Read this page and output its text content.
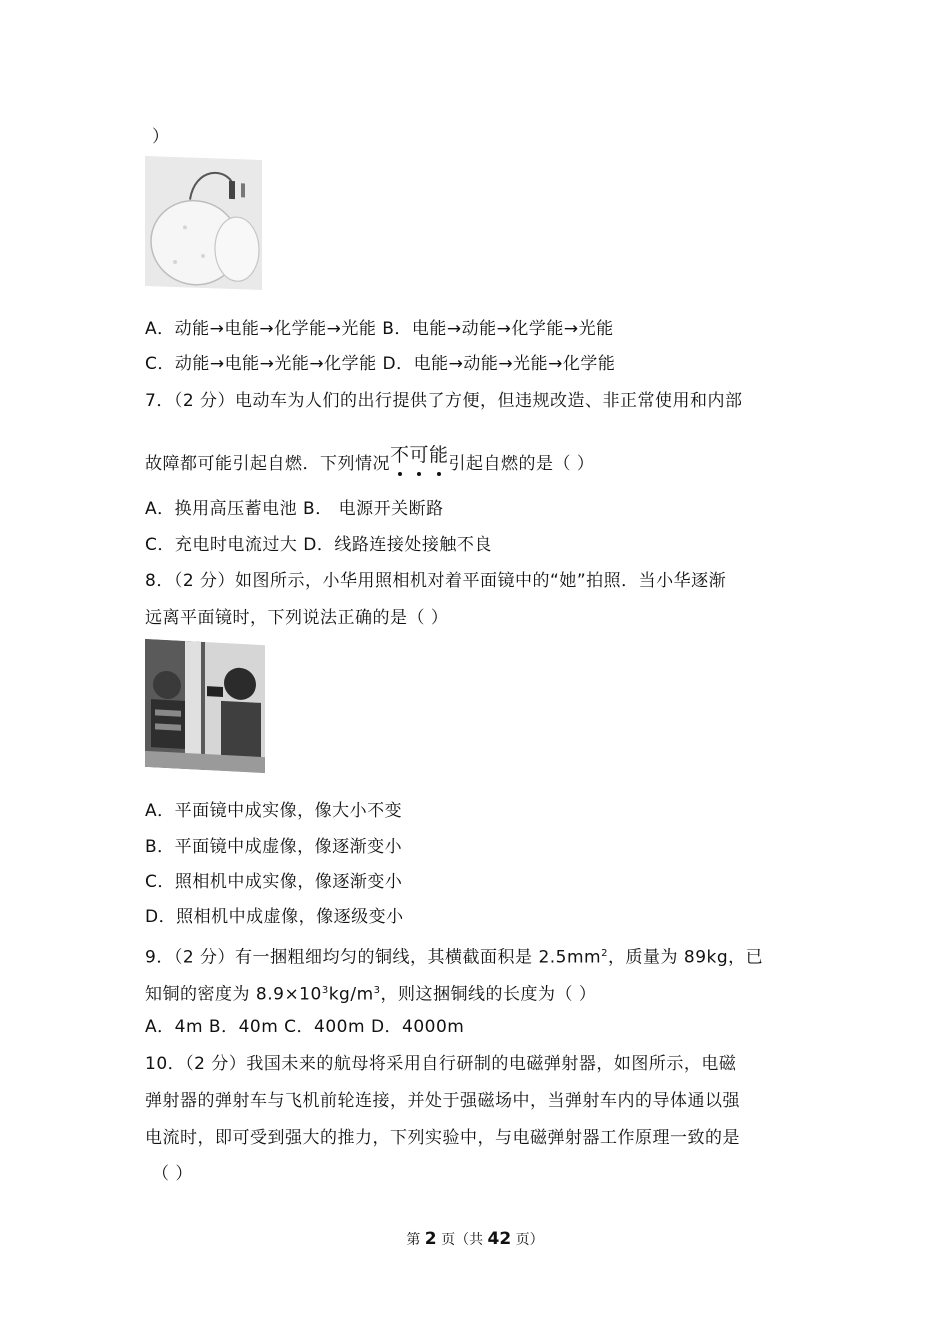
）
A．动能→电能→化学能→光能 B．电能→动能→化学能→光能
C．动能→电能→光能→化学能 D．电能→动能→光能→化学能
7．（2 分）电动车为人们的出行提供了方便，但违规改造、非正常使用和内部
故障都可能引起自燃．下列情况不可能
引起自燃的是（ ）
A．换用高压蓄电池 B． 电源开关断路
C．充电时电流过大 D．线路连接处接触不良
8．（2 分）如图所示，小华用照相机对着平面镜中的“她”拍照．当小华逐渐
远离平面镜时，下列说法正确的是（ ）
A．平面镜中成实像，像大小不变
B．平面镜中成虚像，像逐渐变小
C．照相机中成实像，像逐渐变小
D．照相机中成虚像，像逐级变小
9．（2 分）有一捆粗细均匀的铜线，其横截面积是 $2.5mm^2$，质量为 89kg，已
知铜的密度为 $8.9\times 10^3kg/m^3$，则这捆铜线的长度为（ ）
A．4m B．40m C．400m D．4000m
10．（2 分）我国未来的航母将采用自行研制的电磁弹射器，如图所示，电磁
弹射器的弹射车与飞机前轮连接，并处于强磁场中，当弹射车内的导体通以强
电流时，即可受到强大的推力，下列实验中，与电磁弹射器工作原理一致的是
（ ）
第 2 页（共 42 页）
